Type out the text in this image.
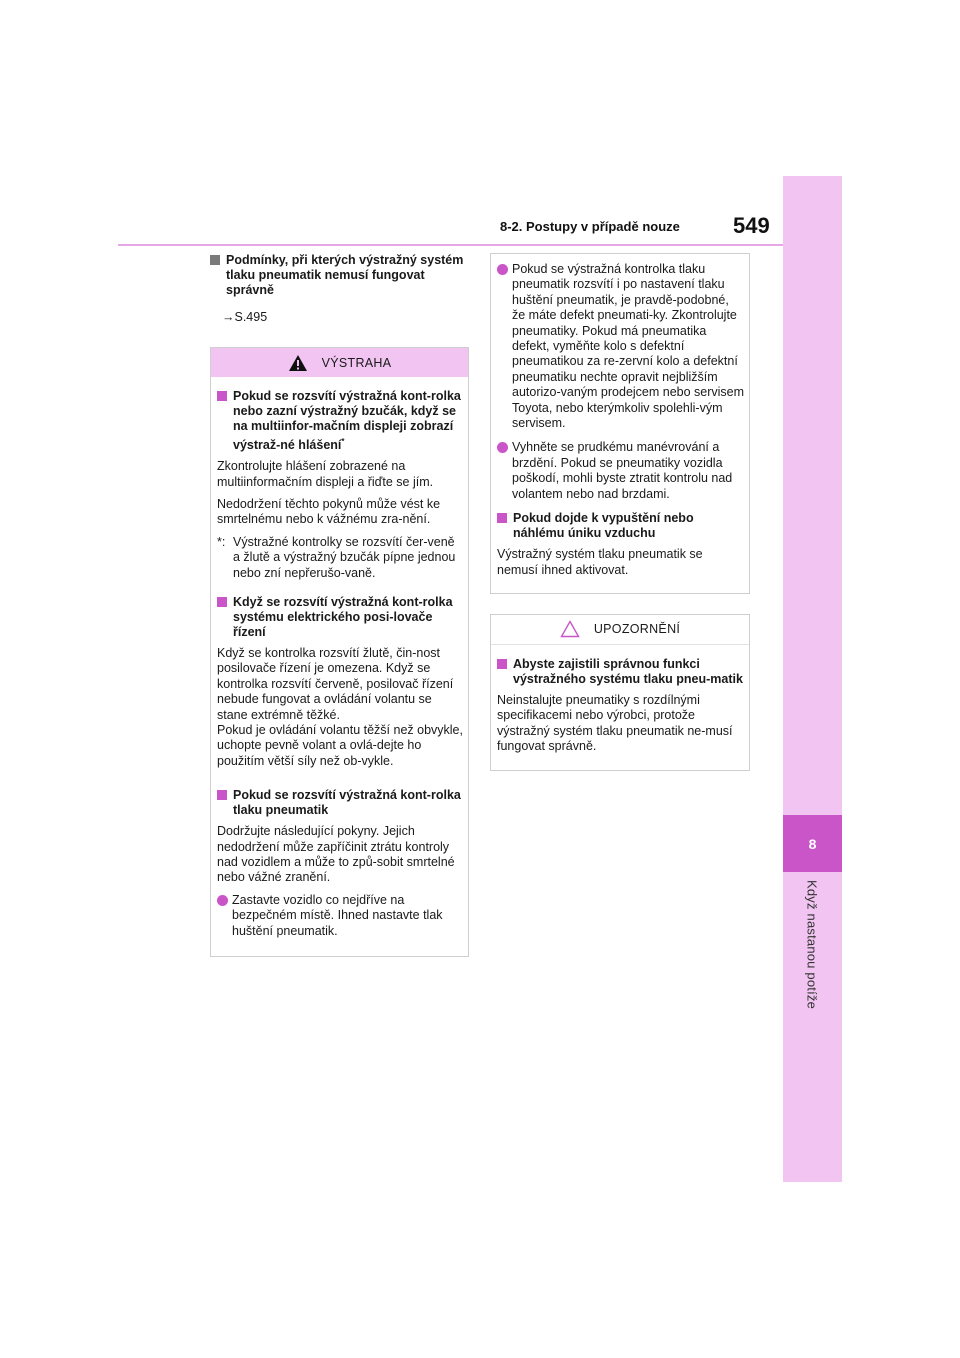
8
Když nastanou potíže
8-2. Postupy v případě nouze 549
Podmínky, při kterých výstražný systém tlaku pneumatik nemusí fungovat správně
→S.495
VÝSTRAHA
Pokud se rozsvítí výstražná kont-rolka nebo zazní výstražný bzučák, když se na multiinfor-mačním displeji zobrazí výstraž-né hlášení*

Zkontrolujte hlášení zobrazené na multiinformačním displeji a řiďte se jím.

Nedodržení těchto pokynů může vést ke smrtelnému nebo k vážnému zra-nění.

*: Výstražné kontrolky se rozsvítí čer-veně a žlutě a výstražný bzučák pípne jednou nebo zní nepřerušo-vaně.
Když se rozsvítí výstražná kont-rolka systému elektrického posi-lovače řízení

Když se kontrolka rozsvítí žlutě, čin-nost posilovače řízení je omezena. Když se kontrolka rozsvítí červeně, posilovač řízení nebude fungovat a ovládání volantu se stane extrémně těžké.
Pokud je ovládání volantu těžší než obvykle, uchopte pevně volant a ovlá-dejte ho použitím větší síly než ob-vykle.

Pokud se rozsvítí výstražná kont-rolka tlaku pneumatik

Dodržujte následující pokyny. Jejich nedodržení může zapříčinit ztrátu kontroly nad vozidlem a může to způ-sobit smrtelné nebo vážné zranění.

Zastavte vozidlo co nejdříve na bezpečném místě. Ihned nastavte tlak huštění pneumatik.
Pokud se výstražná kontrolka tlaku pneumatik rozsvítí i po nastavení tlaku huštění pneumatik, je pravdě-podobné, že máte defekt pneumati-ky. Zkontrolujte pneumatiky. Pokud má pneumatika defekt, vyměňte kolo s defektní pneumatikou za re-zervní kolo a defektní pneumatiku nechte opravit nejbližším autorizo-vaným prodejcem nebo servisem Toyota, nebo kterýmkoliv spolehli-vým servisem.
Vyhněte se prudkému manévrování a brzdění. Pokud se pneumatiky vozidla poškodí, mohli byste ztratit kontrolu nad volantem nebo nad brzdami.
Pokud dojde k vypuštění nebo náhlému úniku vzduchu

Výstražný systém tlaku pneumatik se nemusí ihned aktivovat.

UPOZORNĚNÍ
Abyste zajistili správnou funkci výstražného systému tlaku pneu-matik

Neinstalujte pneumatiky s rozdílnými specifikacemi nebo výrobci, protože výstražný systém tlaku pneumatik ne-musí fungovat správně.
